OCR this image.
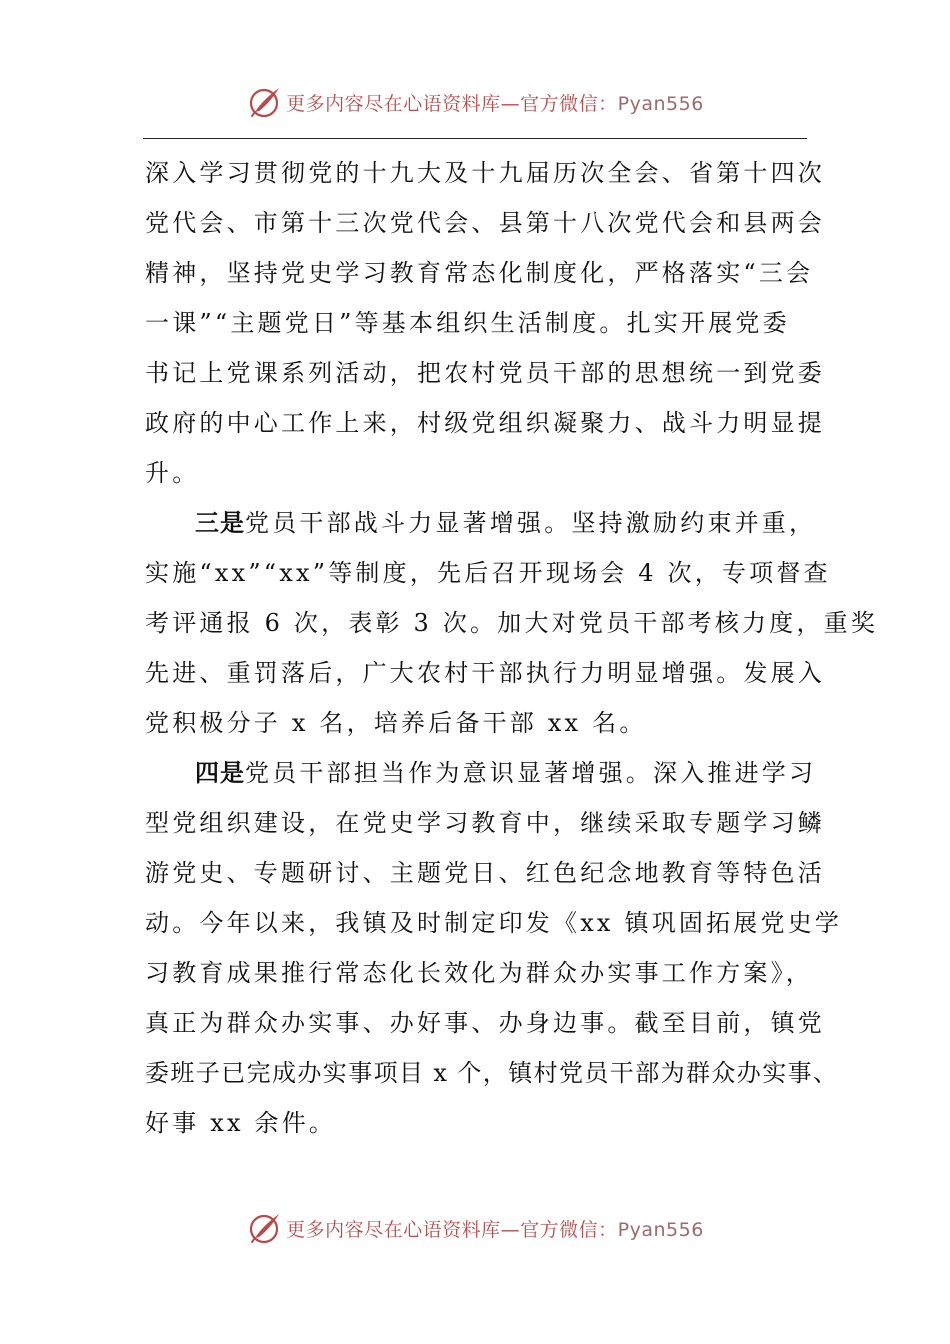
更多内容尽在心语资料库—官方微信：Pyan556
深入学习贯彻党的十九大及十九届历次全会、省第十四次
党代会、市第十三次党代会、县第十八次党代会和县两会
精神，坚持党史学习教育常态化制度化，严格落实“三会
一课”“主题党日”等基本组织生活制度。扎实开展党委
书记上党课系列活动，把农村党员干部的思想统一到党委
政府的中心工作上来，村级党组织凝聚力、战斗力明显提
升。
三是党员干部战斗力显著增强。坚持激励约束并重，
实施“xx”“xx”等制度，先后召开现场会 4 次，专项督查
考评通报 6 次，表彰 3 次。加大对党员干部考核力度，重奖
先进、重罚落后，广大农村干部执行力明显增强。发展入
党积极分子 x 名，培养后备干部 xx 名。
四是党员干部担当作为意识显著增强。深入推进学习
型党组织建设，在党史学习教育中，继续采取专题学习鳞
游党史、专题研讨、主题党日、红色纪念地教育等特色活
动。今年以来，我镇及时制定印发《xx 镇巩固拓展党史学
习教育成果推行常态化长效化为群众办实事工作方案》，
真正为群众办实事、办好事、办身边事。截至目前，镇党
委班子已完成办实事项目 x 个，镇村党员干部为群众办实事、
好事 xx 余件。
更多内容尽在心语资料库—官方微信：Pyan556
